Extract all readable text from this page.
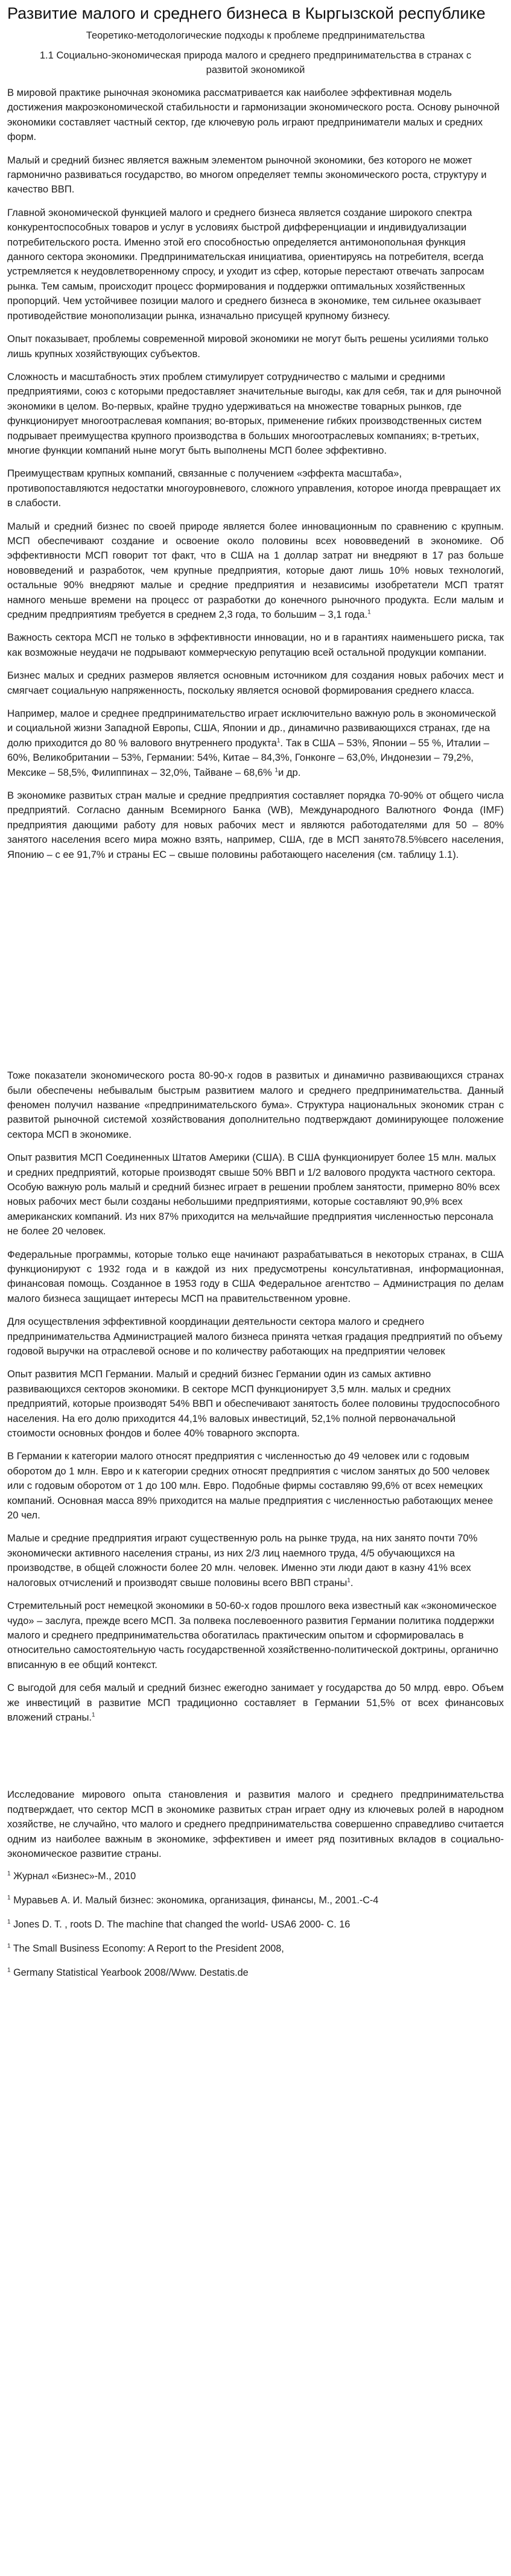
Развитие малого и среднего бизнеса в Кыргызской республике
Теоретико-методологические подходы к проблеме предпринимательства
1.1 Социально-экономическая природа малого и среднего предпринимательства в странах с развитой экономикой

В мировой практике рыночная экономика рассматривается как наиболее эффективная модель достижения макроэкономической стабильности и гармонизации экономического роста. Основу рыночной экономики составляет частный сектор, где ключевую роль играют предприниматели малых и средних форм.

Малый и средний бизнес является важным элементом рыночной экономики, без которого не может гармонично развиваться государство, во многом определяет темпы экономического роста, структуру и качество ВВП.

Главной экономической функцией малого и среднего бизнеса является создание широкого спектра конкурентоспособных товаров и услуг в условиях быстрой дифференциации и индивидуализации потребительского роста. Именно этой его способностью определяется антимонопольная функция данного сектора экономики. Предпринимательская инициатива, ориентируясь на потребителя, всегда устремляется к неудовлетворенному спросу, и уходит из сфер, которые перестают отвечать запросам рынка. Тем самым, происходит процесс формирования и поддержки оптимальных хозяйственных пропорций. Чем устойчивее позиции малого и среднего бизнеса в экономике, тем сильнее оказывает противодействие монополизации рынка, изначально присущей крупному бизнесу.

Опыт показывает, проблемы современной мировой экономики не могут быть решены усилиями только лишь крупных хозяйствующих субъектов.

Сложность и масштабность этих проблем стимулирует сотрудничество с малыми и средними предприятиями, союз с которыми предоставляет значительные выгоды, как для себя, так и для рыночной экономики в целом. Во-первых, крайне трудно удерживаться на множестве товарных рынков, где функционирует многоотраслевая компания; во-вторых, применение гибких производственных систем подрывает преимущества крупного производства в больших многоотраслевых компаниях; в-третьих, многие функции компаний ныне могут быть выполнены МСП более эффективно.

Преимуществам крупных компаний, связанные с получением «эффекта масштаба», противопоставляются недостатки многоуровневого, сложного управления, которое иногда превращает их в слабости.

Малый и средний бизнес по своей природе является более инновационным по сравнению с крупным. МСП обеспечивают создание и освоение около половины всех нововведений в экономике. Об эффективности МСП говорит тот факт, что в США на 1 доллар затрат ни внедряют в 17 раз больше нововведений и разработок, чем крупные предприятия, которые дают лишь 10% новых технологий, остальные 90% внедряют малые и средние предприятия и независимы изобретатели МСП тратят намного меньше времени на процесс от разработки до конечного рыночного продукта. Если малым и средним предприятиям требуется в среднем 2,3 года, то большим – 3,1 года.$^1$

Важность сектора МСП не только в эффективности инновации, но и в гарантиях наименьшего риска, так как возможные неудачи не подрывают коммерческую репутацию всей остальной продукции компании.

Бизнес малых и средних размеров является основным источником для создания новых рабочих мест и смягчает социальную напряженность, поскольку является основой формирования среднего класса.

Например, малое и среднее предпринимательство играет исключительно важную роль в экономической и социальной жизни Западной Европы, США, Японии и др., динамично развивающихся странах, где на долю приходится до 80 % валового внутреннего продукта$^1$. Так в США – 53%, Японии – 55 %, Италии – 60%, Великобритании – 53%, Германии: 54%, Китае – 84,3%, Гонконге – 63,0%, Индонезии – 79,2%, Мексике – 58,5%, Филиппинах – 32,0%, Тайване – 68,6% $^1$и др.

В экономике развитых стран малые и средние предприятия составляет порядка 70-90% от общего числа предприятий. Согласно данным Всемирного Банка (WB), Международного Валютного Фонда (IMF) предприятия дающими работу для новых рабочих мест и являются работодателями для 50 – 80% занятого населения всего мира можно взять, например, США, где в МСП занято78.5%всего населения, Японию – с ее 91,7% и страны ЕС – свыше половины работающего населения (см. таблицу 1.1).

Тоже показатели экономического роста 80-90-х годов в развитых и динамично развивающихся странах были обеспечены небывалым быстрым развитием малого и среднего предпринимательства. Данный феномен получил название «предпринимательского бума». Структура национальных экономик стран с развитой рыночной системой хозяйствования дополнительно подтверждают доминирующее положение сектора МСП в экономике.

Опыт развития МСП Соединенных Штатов Америки (США). В США функционирует более 15 млн. малых и средних предприятий, которые производят свыше 50% ВВП и 1/2 валового продукта частного сектора. Особую важную роль малый и средний бизнес играет в решении проблем занятости, примерно 80% всех новых рабочих мест были созданы небольшими предприятиями, которые составляют 90,9% всех американских компаний. Из них 87% приходится на мельчайшие предприятия численностью персонала не более 20 человек.

Федеральные программы, которые только еще начинают разрабатываться в некоторых странах, в США функционируют с 1932 года и в каждой из них предусмотрены консультативная, информационная, финансовая помощь. Созданное в 1953 году в США Федеральное агентство – Администрация по делам малого бизнеса защищает интересы МСП на правительственном уровне.

Для осуществления эффективной координации деятельности сектора малого и среднего предпринимательства Администрацией малого бизнеса принята четкая градация предприятий по объему годовой выручки на отраслевой основе и по количеству работающих на предприятии человек

Опыт развития МСП Германии. Малый и средний бизнес Германии один из самых активно развивающихся секторов экономики. В секторе МСП функционирует 3,5 млн. малых и средних предприятий, которые производят 54% ВВП и обеспечивают занятость более половины трудоспособного населения. На его долю приходится 44,1% валовых инвестиций, 52,1% полной первоначальной стоимости основных фондов и более 40% товарного экспорта.

В Германии к категории малого относят предприятия с численностью до 49 человек или с годовым оборотом до 1 млн. Евро и к категории средних относят предприятия с числом занятых до 500 человек или с годовым оборотом от 1 до 100 млн. Евро. Подобные фирмы составляю 99,6% от всех немецких компаний. Основная масса 89% приходится на малые предприятия с численностью работающих менее 20 чел.

Малые и средние предприятия играют существенную роль на рынке труда, на них занято почти 70% экономически активного населения страны, из них 2/3 лиц наемного труда, 4/5 обучающихся на производстве, в общей сложности более 20 млн. человек. Именно эти люди дают в казну 41% всех налоговых отчислений и производят свыше половины всего ВВП страны$^1$.

Стремительный рост немецкой экономики в 50-60-х годов прошлого века известный как «экономическое чудо» – заслуга, прежде всего МСП. За полвека послевоенного развития Германии политика поддержки малого и среднего предпринимательства обогатилась практическим опытом и сформировалась в относительно самостоятельную часть государственной хозяйственно-политической доктрины, органично вписанную в ее общий контекст.

С выгодой для себя малый и средний бизнес ежегодно занимает у государства до 50 млрд. евро. Объем же инвестиций в развитие МСП традиционно составляет в Германии 51,5% от всех финансовых вложений страны.$^1$

Исследование мирового опыта становления и развития малого и среднего предпринимательства подтверждает, что сектор МСП в экономике развитых стран играет одну из ключевых ролей в народном хозяйстве, не случайно, что малого и среднего предпринимательства совершенно справедливо считается одним из наиболее важным в экономике, эффективен и имеет ряд позитивных вкладов в социально- экономическое развитие страны.

$^1$ Журнал «Бизнес»-М., 2010

$^1$ Муравьев А. И. Малый бизнес: экономика, организация, финансы, М., 2001.-С-4

$^1$ Jones D. T. , roots D. The machine that changed the world- USA6 2000- C. 16

$^1$ The Small Business Economy: A Report to the President 2008,

$^1$ Germany Statistical Yearbook 2008//Www. Destatis.de
